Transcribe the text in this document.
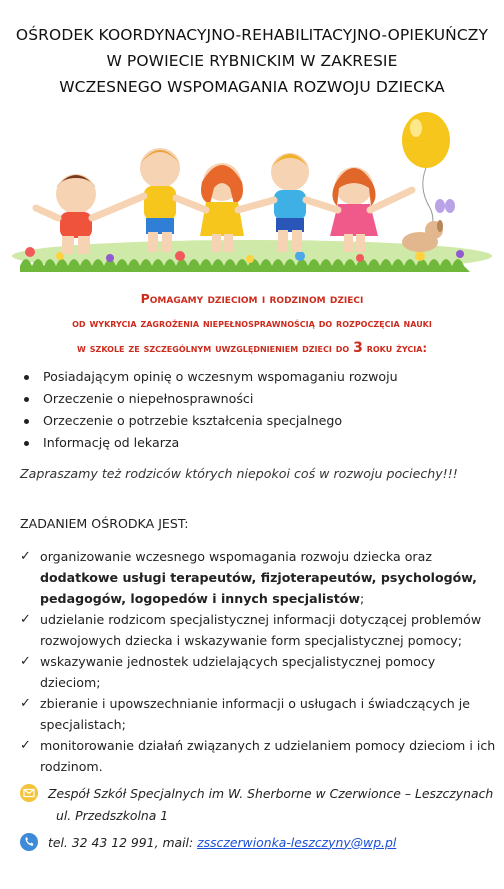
OŚRODEK KOORDYNACYJNO-REHABILITACYJNO-OPIEKUŃCZY
W POWIECIE RYBNICKIM W ZAKRESIE
WCZESNEGO WSPOMAGANIA ROZWOJU DZIECKA
Pomagamy dzieciom i rodzinom dzieci
od wykrycia zagrożenia niepełnosprawnością do rozpoczęcia nauki
w szkole ze szczególnym uwzględnieniem dzieci do 3 roku życia:
Posiadającym opinię o wczesnym wspomaganiu rozwoju
Orzeczenie o niepełnosprawności
Orzeczenie o potrzebie kształcenia specjalnego
Informację od lekarza
Zapraszamy też rodziców których niepokoi coś w rozwoju pociechy!!!
ZADANIEM OŚRODKA JEST:
✓ organizowanie wczesnego wspomagania rozwoju dziecka oraz dodatkowe usługi terapeutów, fizjoterapeutów, psychologów, pedagogów, logopedów i innych specjalistów;
✓ udzielanie rodzicom specjalistycznej informacji dotyczącej problemów rozwojowych dziecka i wskazywanie form specjalistycznej pomocy;
✓ wskazywanie jednostek udzielających specjalistycznej pomocy dzieciom;
✓ zbieranie i upowszechnianie informacji o usługach i świadczących je specjalistach;
✓ monitorowanie działań związanych z udzielaniem pomocy dzieciom i ich rodzinom.
Zespół Szkół Specjalnych im W. Sherborne w Czerwionce – Leszczynach
ul. Przedszkolna 1
tel. 32 43 12 991, mail: zssczerwionka-leszczyny@wp.pl
